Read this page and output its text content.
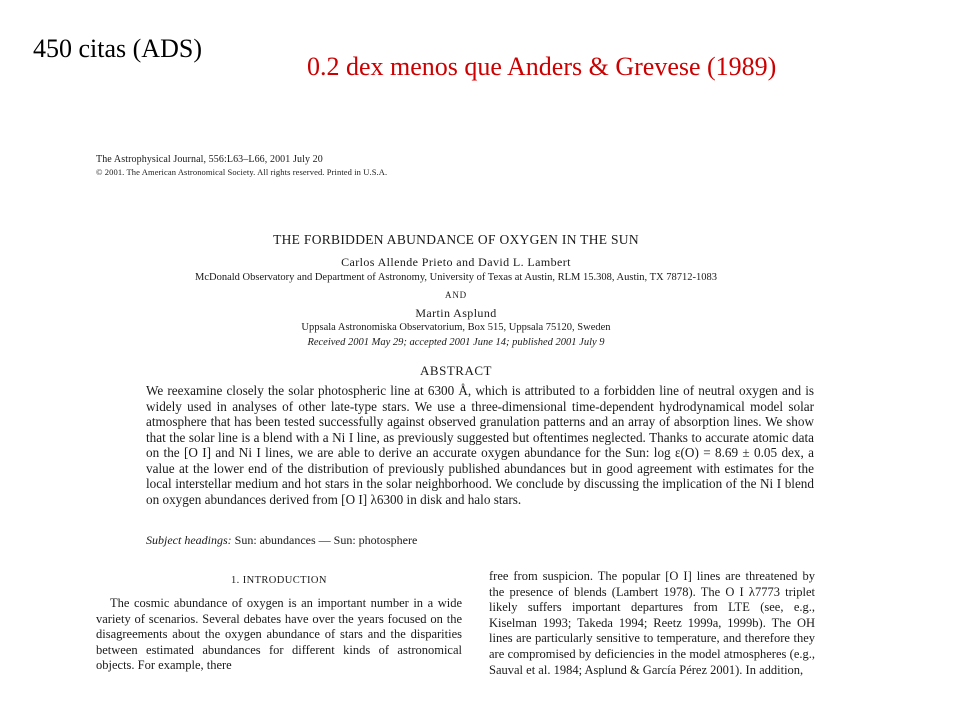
450 citas (ADS)
0.2 dex menos que Anders & Grevese (1989)
The Astrophysical Journal, 556:L63–L66, 2001 July 20
© 2001. The American Astronomical Society. All rights reserved. Printed in U.S.A.
THE FORBIDDEN ABUNDANCE OF OXYGEN IN THE SUN
Carlos Allende Prieto and David L. Lambert
McDonald Observatory and Department of Astronomy, University of Texas at Austin, RLM 15.308, Austin, TX 78712-1083
AND
Martin Asplund
Uppsala Astronomiska Observatorium, Box 515, Uppsala 75120, Sweden
Received 2001 May 29; accepted 2001 June 14; published 2001 July 9
ABSTRACT
We reexamine closely the solar photospheric line at 6300 Å, which is attributed to a forbidden line of neutral oxygen and is widely used in analyses of other late-type stars. We use a three-dimensional time-dependent hydrodynamical model solar atmosphere that has been tested successfully against observed granulation patterns and an array of absorption lines. We show that the solar line is a blend with a Ni I line, as previously suggested but oftentimes neglected. Thanks to accurate atomic data on the [O I] and Ni I lines, we are able to derive an accurate oxygen abundance for the Sun: log ε(O) = 8.69 ± 0.05 dex, a value at the lower end of the distribution of previously published abundances but in good agreement with estimates for the local interstellar medium and hot stars in the solar neighborhood. We conclude by discussing the implication of the Ni I blend on oxygen abundances derived from [O I] λ6300 in disk and halo stars.
Subject headings: Sun: abundances — Sun: photosphere
1. INTRODUCTION

The cosmic abundance of oxygen is an important number in a wide variety of scenarios. Several debates have over the years focused on the disagreements about the oxygen abundance of stars and the disparities between estimated abundances for different kinds of astronomical objects. For example, there

free from suspicion. The popular [O I] lines are threatened by the presence of blends (Lambert 1978). The O I λ7773 triplet likely suffers important departures from LTE (see, e.g., Kiselman 1993; Takeda 1994; Reetz 1999a, 1999b). The OH lines are particularly sensitive to temperature, and therefore they are compromised by deficiencies in the model atmospheres (e.g., Sauval et al. 1984; Asplund & García Pérez 2001). In addition,
